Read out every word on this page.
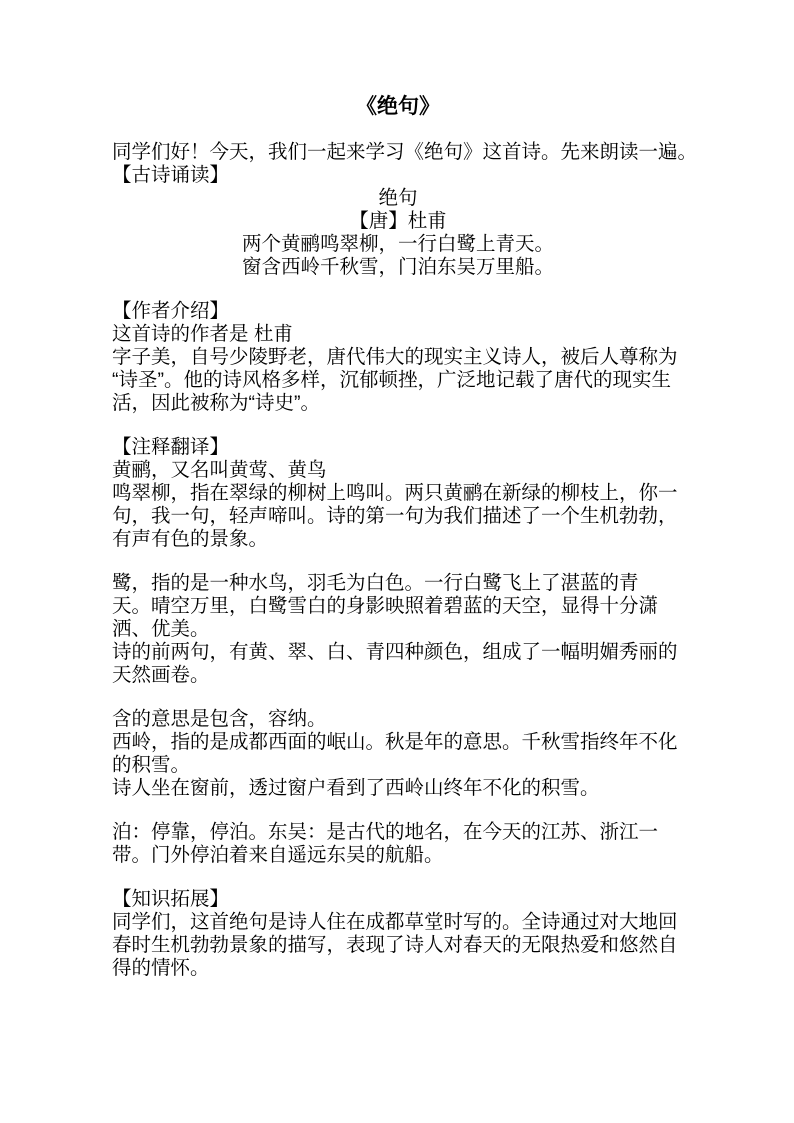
《绝句》
同学们好！今天，我们一起来学习《绝句》这首诗。先来朗读一遍。
【古诗诵读】
绝句
【唐】杜甫
两个黄鹂鸣翠柳，一行白鹭上青天。
窗含西岭千秋雪，门泊东吴万里船。
【作者介绍】
这首诗的作者是 杜甫
字子美，自号少陵野老，唐代伟大的现实主义诗人，被后人尊称为
“诗圣”。他的诗风格多样，沉郁顿挫，广泛地记载了唐代的现实生
活，因此被称为“诗史”。
【注释翻译】
黄鹂，又名叫黄莺、黄鸟
鸣翠柳，指在翠绿的柳树上鸣叫。两只黄鹂在新绿的柳枝上，你一
句，我一句，轻声啼叫。诗的第一句为我们描述了一个生机勃勃，
有声有色的景象。
鹭，指的是一种水鸟，羽毛为白色。一行白鹭飞上了湛蓝的青
天。晴空万里，白鹭雪白的身影映照着碧蓝的天空，显得十分潇
洒、优美。
诗的前两句，有黄、翠、白、青四种颜色，组成了一幅明媚秀丽的
天然画卷。
含的意思是包含，容纳。
西岭，指的是成都西面的岷山。秋是年的意思。千秋雪指终年不化
的积雪。
诗人坐在窗前，透过窗户看到了西岭山终年不化的积雪。
泊：停靠，停泊。东吴：是古代的地名，在今天的江苏、浙江一
带。门外停泊着来自遥远东吴的航船。
【知识拓展】
同学们，这首绝句是诗人住在成都草堂时写的。全诗通过对大地回
春时生机勃勃景象的描写，表现了诗人对春天的无限热爱和悠然自
得的情怀。
